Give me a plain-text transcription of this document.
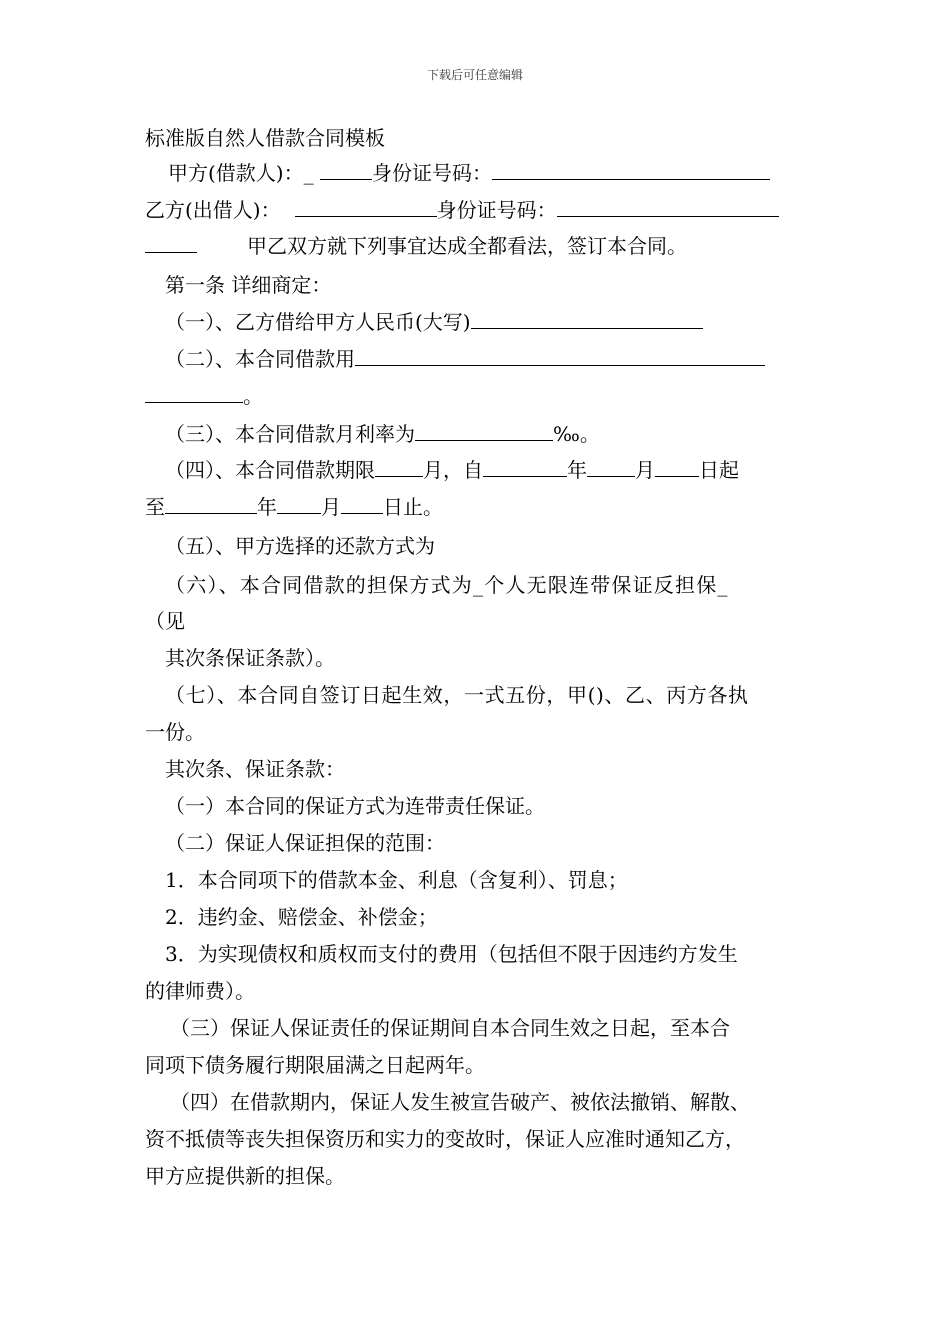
下载后可任意编辑
标准版自然人借款合同模板
甲方(借款人)：_	身份证号码：
乙方(出借人)：	身份证号码：
甲乙双方就下列事宜达成全都看法，签订本合同。
第一条 详细商定：
（一）、乙方借给甲方人民币(大写)
（二）、本合同借款用
。
（三）、本合同借款月利率为	‰。
（四）、本合同借款期限 月，自	年 月 日起
至	年 月 日止。
（五）、甲方选择的还款方式为
（六）、本合同借款的担保方式为_个人无限连带保证反担保_
（见
其次条保证条款）。
（七）、本合同自签订日起生效，一式五份，甲()、乙、丙方各执
一份。
其次条、保证条款：
（一）本合同的保证方式为连带责任保证。
（二）保证人保证担保的范围：
1．本合同项下的借款本金、利息（含复利）、罚息；
2．违约金、赔偿金、补偿金；
3．为实现债权和质权而支付的费用（包括但不限于因违约方发生
的律师费）。
（三）保证人保证责任的保证期间自本合同生效之日起，至本合
同项下债务履行期限届满之日起两年。
（四）在借款期内，保证人发生被宣告破产、被依法撤销、解散、
资不抵债等丧失担保资历和实力的变故时，保证人应准时通知乙方，
甲方应提供新的担保。
